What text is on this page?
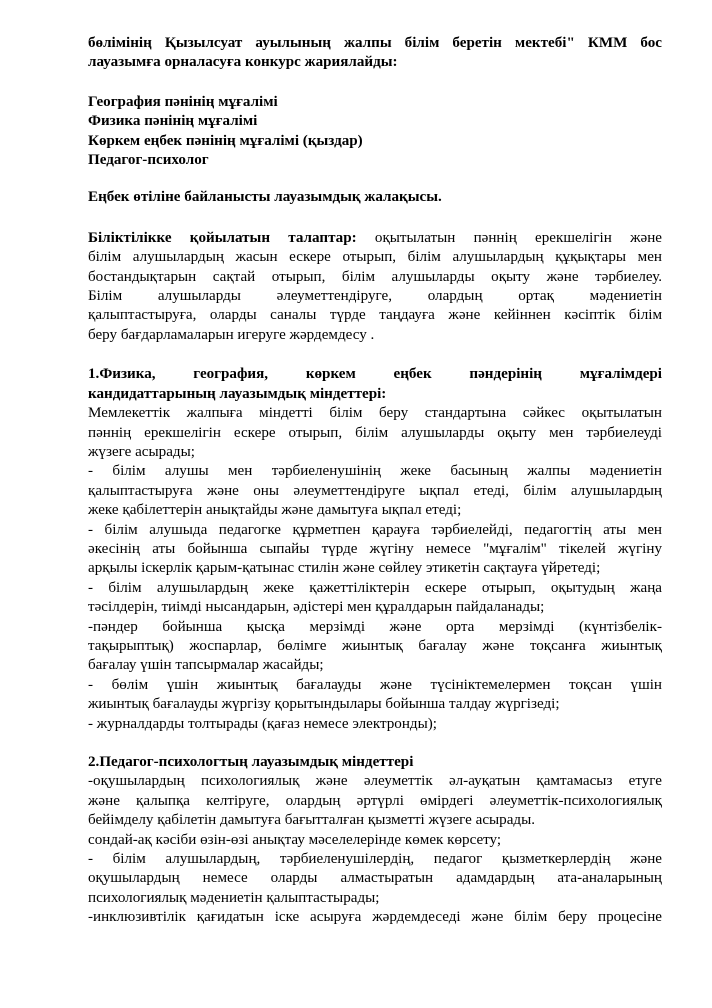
бөлімінің Қызылсуат ауылының жалпы білім беретін мектебі" КММ бос
лауазымға орналасуға конкурс жариялайды:
География пәнінің мұғалімі
Физика пәнінің мұғалімі
Көркем еңбек пәнінің мұғалімі (қыздар)
Педагог-психолог
Еңбек өтіліне байланысты лауазымдық жалақысы.
Біліктілікке қойылатын талаптар: оқытылатын пәннің ерекшелігін және
білім алушылардың жасын ескере отырып, білім алушылардың құқықтары мен
бостандықтарын сақтай отырып, білім алушыларды оқыту және тәрбиелеу.
Білім алушыларды әлеуметтендіруге, олардың ортақ мәдениетін
қалыптастыруға, оларды саналы түрде таңдауға және кейіннен кәсіптік білім
беру бағдарламаларын игеруге жәрдемдесу .
1.Физика, география, көркем еңбек пәндерінің мұғалімдері
кандидаттарының лауазымдық міндеттері:
Мемлекеттік жалпыға міндетті білім беру стандартына сәйкес оқытылатын
пәннің ерекшелігін ескере отырып, білім алушыларды оқыту мен тәрбиелеуді
жүзеге асырады;
- білім алушы мен тәрбиеленушінің жеке басының жалпы мәдениетін
қалыптастыруға және оны әлеуметтендіруге ықпал етеді, білім алушылардың
жеке қабілеттерін анықтайды және дамытуға ықпал етеді;
- білім алушыда педагогке құрметпен қарауға тәрбиелейді, педагогтің аты мен
әкесінің аты бойынша сыпайы түрде жүгіну немесе "мұғалім" тікелей жүгіну
арқылы іскерлік қарым-қатынас стилін және сөйлеу этикетін сақтауға үйретеді;
- білім алушылардың жеке қажеттіліктерін ескере отырып, оқытудың жаңа
тәсілдерін, тиімді нысандарын, әдістері мен құралдарын пайдаланады;
-пәндер бойынша қысқа мерзімді және орта мерзімді (күнтізбелік-
тақырыптық) жоспарлар, бөлімге жиынтық бағалау және тоқсанға жиынтық
бағалау үшін тапсырмалар жасайды;
- бөлім үшін жиынтық бағалауды және түсініктемелермен тоқсан үшін
жиынтық бағалауды жүргізу қорытындылары бойынша талдау жүргізеді;
- журналдарды толтырады (қағаз немесе электронды);
2.Педагог-психологтың лауазымдық міндеттері
-оқушылардың психологиялық және әлеуметтік әл-ауқатын қамтамасыз етуге
және қалыпқа келтіруге, олардың әртүрлі өмірдегі әлеуметтік-психологиялық
бейімделу қабілетін дамытуға бағытталған қызметті жүзеге асырады.
сондай-ақ кәсіби өзін-өзі анықтау мәселелерінде көмек көрсету;
- білім алушылардың, тәрбиеленушілердің, педагог қызметкерлердің және
оқушылардың немесе оларды алмастыратын адамдардың ата-аналарының
психологиялық мәдениетін қалыптастырады;
-инклюзивтілік қағидатын іске асыруға жәрдемдеседі және білім беру процесіне
